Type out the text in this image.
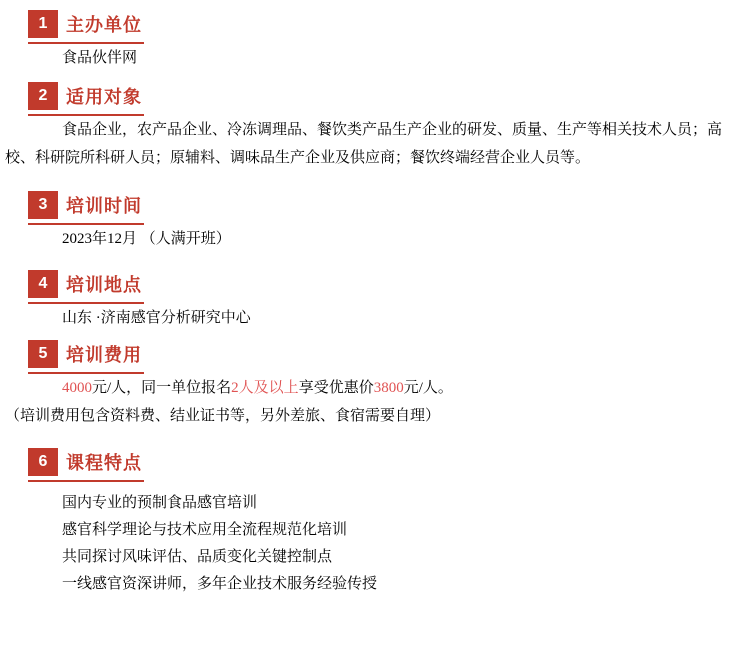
1	主办单位

食品伙伴网

2	适用对象

食品企业，农产品企业、冷冻调理品、餐饮类产品生产企业的研发、质量、生产等相关技术人员；高校、科研院所科研人员；原辅料、调味品生产企业及供应商；餐饮终端经营企业人员等。

3	培训时间

2023年12月 （人满开班）

4	培训地点

山东 ·济南感官分析研究中心

5	培训费用

4000元/人，同一单位报名2人及以上享受优惠价3800元/人。

（培训费用包含资料费、结业证书等，另外差旅、食宿需要自理）

6	课程特点

国内专业的预制食品感官培训

感官科学理论与技术应用全流程规范化培训

共同探讨风味评估、品质变化关键控制点

一线感官资深讲师，多年企业技术服务经验传授
